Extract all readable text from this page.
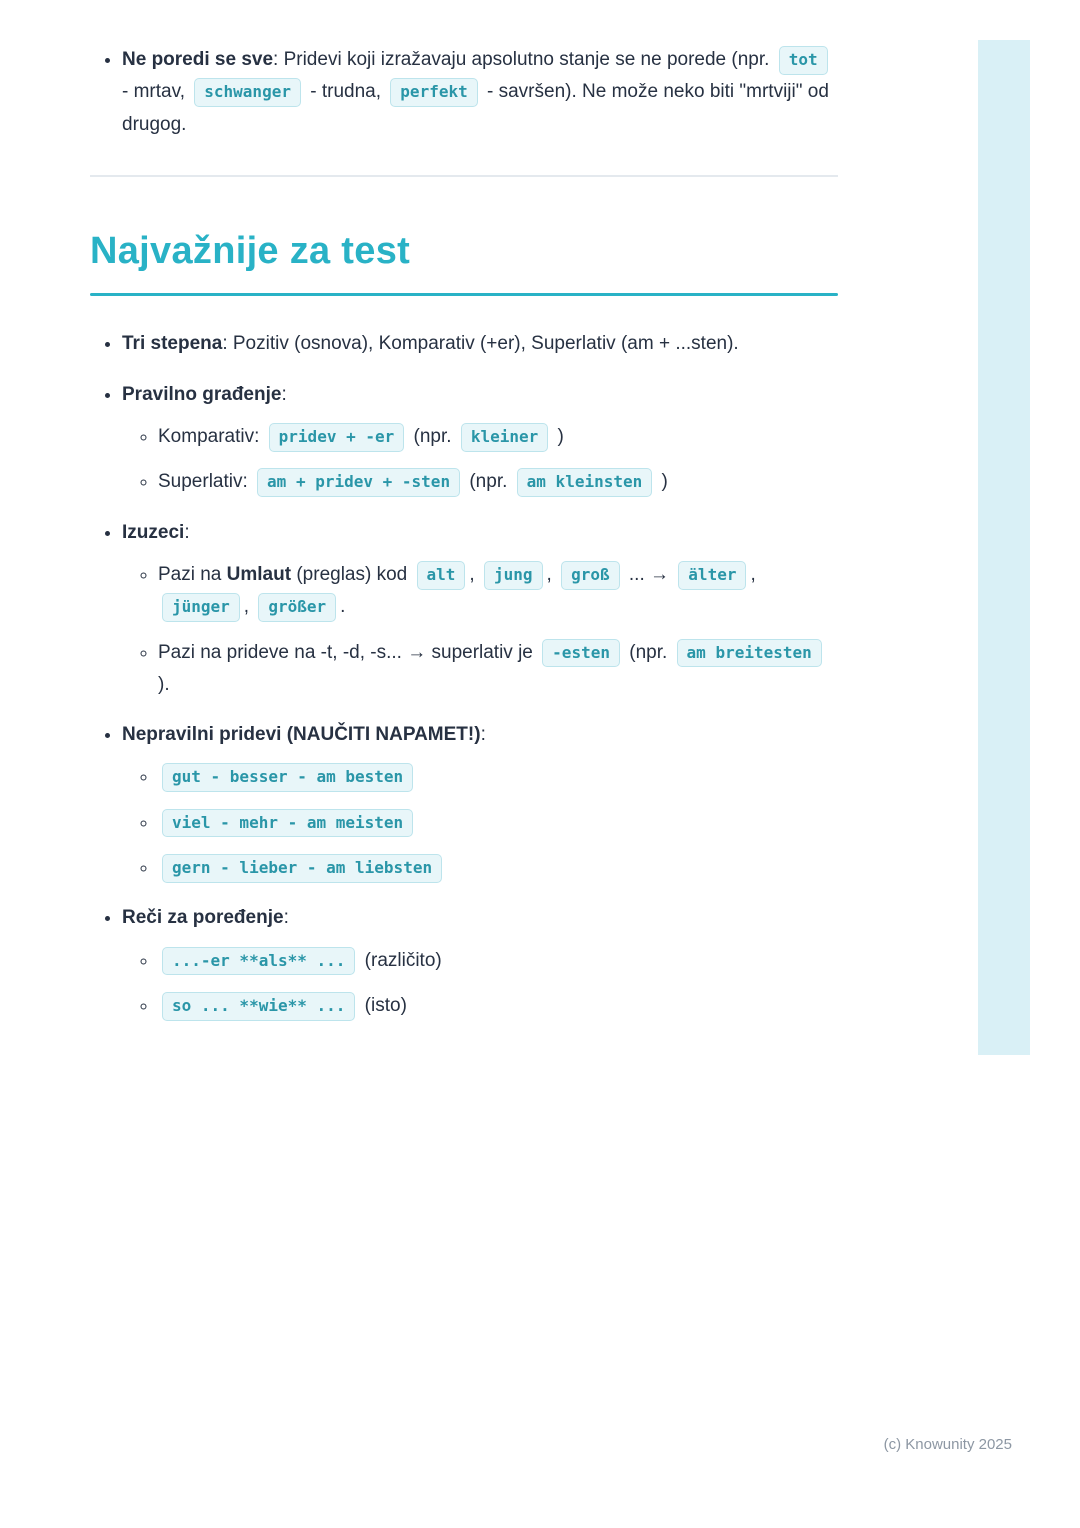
• Ne poredi se sve: Pridevi koji izražavaju apsolutno stanje se ne porede (npr. tot - mrtav, schwanger - trudna, perfekt - savršen). Ne može neko biti "mrtviji" od drugog.
Najvažnije za test
• Tri stepena: Pozitiv (osnova), Komparativ (+er), Superlativ (am + ...sten).
• Pravilno građenje:
◦ Komparativ: pridev + -er (npr. kleiner )
◦ Superlativ: am + pridev + -sten (npr. am kleinsten )
• Izuzeci:
◦ Pazi na Umlaut (preglas) kod alt , jung , groß ... → älter , jünger , größer .
◦ Pazi na prideve na -t, -d, -s... → superlativ je -esten (npr. am breitesten ).
• Nepravilni pridevi (NAUČITI NAPAMET!):
◦ gut - besser - am besten
◦ viel - mehr - am meisten
◦ gern - lieber - am liebsten
• Reči za poređenje:
◦ ...-er **als** ... (različito)
◦ so ... **wie** ... (isto)
(c) Knowunity 2025
